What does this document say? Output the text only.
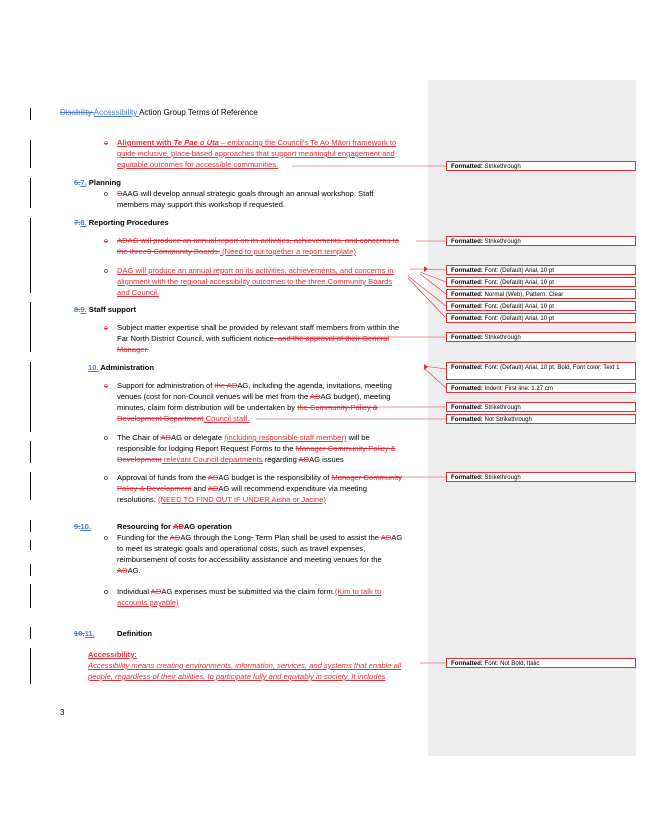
Disability Accessibility Action Group Terms of Reference
o Alignment with Te Pae o Uta – embracing the Council’s Te Ao Māori framework to
guide inclusive, place-based approaches that support meaningful engagement and
equitable outcomes for accessible communities.
6.7. Planning
o DAAG will develop annual strategic goals through an annual workshop. Staff
members may support this workshop if requested.
7.8. Reporting Procedures
o ADAG will produce an annual report on its activities, achievements, and concerns to
the three3 Community Boards. (Need to put together a report template)
o DAG will produce an annual report on its activities, achievements, and concerns in
alignment with the regional accessibility outcomes to the three Community Boards
and Council.
8.9. Staff support
o Subject matter expertise shall be provided by relevant staff members from within the
Far North District Council, with sufficient notice, and the approval of their General
Manager.
10. Administration
o Support for administration of the ADAG, including the agenda, invitations, meeting
venues (cost for non-Council venues will be met from the ADAG budget), meeting
minutes, claim form distribution will be undertaken by the Community Policy &
Development Department.Council staff.
o The Chair of ADAG or delegate (including responsible staff member) will be
responsible for lodging Report Request Forms to the Manager Community Policy &
Development relevant Council departments regarding ADAG issues
o Approval of funds from the ADAG budget is the responsibility of Manager Community
Policy & Development and ADAG will recommend expenditure via meeting
resolutions. (NEED TO FIND OUT IF UNDER Aisha or Jacine)
9.10.	Resourcing for ADAG operation
o Funding for the ADAG through the Long- Term Plan shall be used to assist the ADAG
to meet its strategic goals and operational costs, such as travel expenses,
reimbursement of costs for accessibility assistance and meeting venues for the
ADAG.
o Individual ADAG expenses must be submitted via the claim form.(Kim to talk to
accounts payable)
10.11.	Definition
Accessibility:
Accessibility means creating environments, information, services, and systems that enable all
people, regardless of their abilities, to participate fully and equitably in society. It includes
3
Formatted: Strikethrough
Formatted: Strikethrough
Formatted: Font: (Default) Arial, 10 pt
Formatted: Font: (Default) Arial, 10 pt
Formatted: Normal (Web), Pattern: Clear
Formatted: Font: (Default) Arial, 10 pt
Formatted: Font: (Default) Arial, 10 pt
Formatted: Strikethrough
Formatted: Font: (Default) Arial, 10 pt, Bold, Font color: Text 1
Formatted: Indent: First line: 1.27 cm
Formatted: Strikethrough
Formatted: Not Strikethrough
Formatted: Strikethrough
Formatted: Font: Not Bold, Italic
